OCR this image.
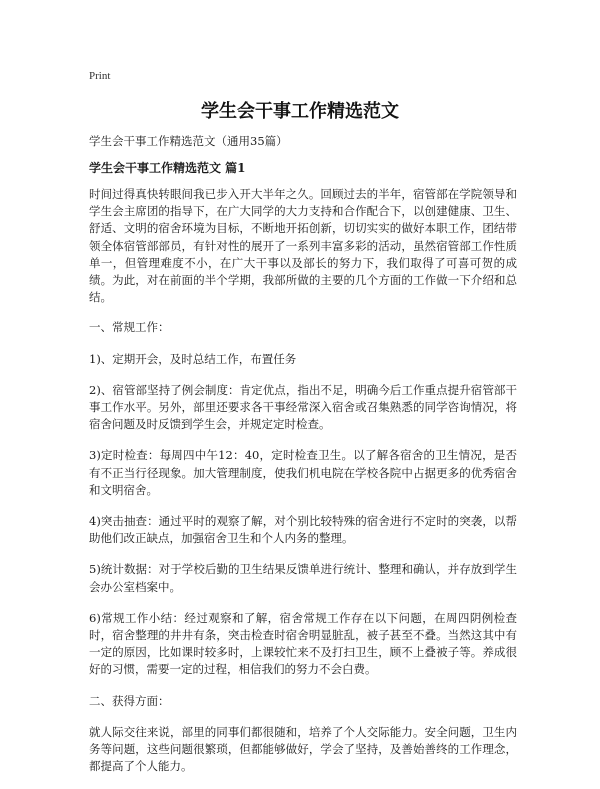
Print
学生会干事工作精选范文
学生会干事工作精选范文（通用35篇）
学生会干事工作精选范文 篇1

时间过得真快转眼间我已步入开大半年之久。回顾过去的半年，宿管部在学院领导和学生会主席团的指导下，在广大同学的大力支持和合作配合下，以创建健康、卫生、舒适、文明的宿舍环境为目标，不断地开拓创新，切切实实的做好本职工作，团结带领全体宿管部部员，有针对性的展开了一系列丰富多彩的活动，虽然宿管部工作性质单一，但管理难度不小，在广大干事以及部长的努力下，我们取得了可喜可贺的成绩。为此，对在前面的半个学期，我部所做的主要的几个方面的工作做一下介绍和总结。

一、常规工作：

1)、定期开会，及时总结工作，布置任务

2)、宿管部坚持了例会制度：肯定优点，指出不足，明确今后工作重点提升宿管部干事工作水平。另外，部里还要求各干事经常深入宿舍或召集熟悉的同学咨询情况，将宿舍问题及时反馈到学生会，并规定定时检查。

3)定时检查：每周四中午12：40，定时检查卫生。以了解各宿舍的卫生情况，是否有不正当行径现象。加大管理制度，使我们机电院在学校各院中占据更多的优秀宿舍和文明宿舍。

4)突击抽查：通过平时的观察了解，对个别比较特殊的宿舍进行不定时的突袭，以帮助他们改正缺点，加强宿舍卫生和个人内务的整理。

5)统计数据：对于学校后勤的卫生结果反馈单进行统计、整理和确认，并存放到学生会办公室档案中。

6)常规工作小结：经过观察和了解，宿舍常规工作存在以下问题，在周四阴例检查时，宿舍整理的井井有条，突击检查时宿舍明显脏乱，被子甚至不叠。当然这其中有一定的原因，比如课时较多时，上课较忙来不及打扫卫生，顾不上叠被子等。养成很好的习惯，需要一定的过程，相信我们的努力不会白费。

二、获得方面：

就人际交往来说，部里的同事们都很随和，培养了个人交际能力。安全问题，卫生内务等问题，这些问题很繁琐，但都能够做好，学会了坚持，及善始善终的工作理念，都提高了个人能力。
